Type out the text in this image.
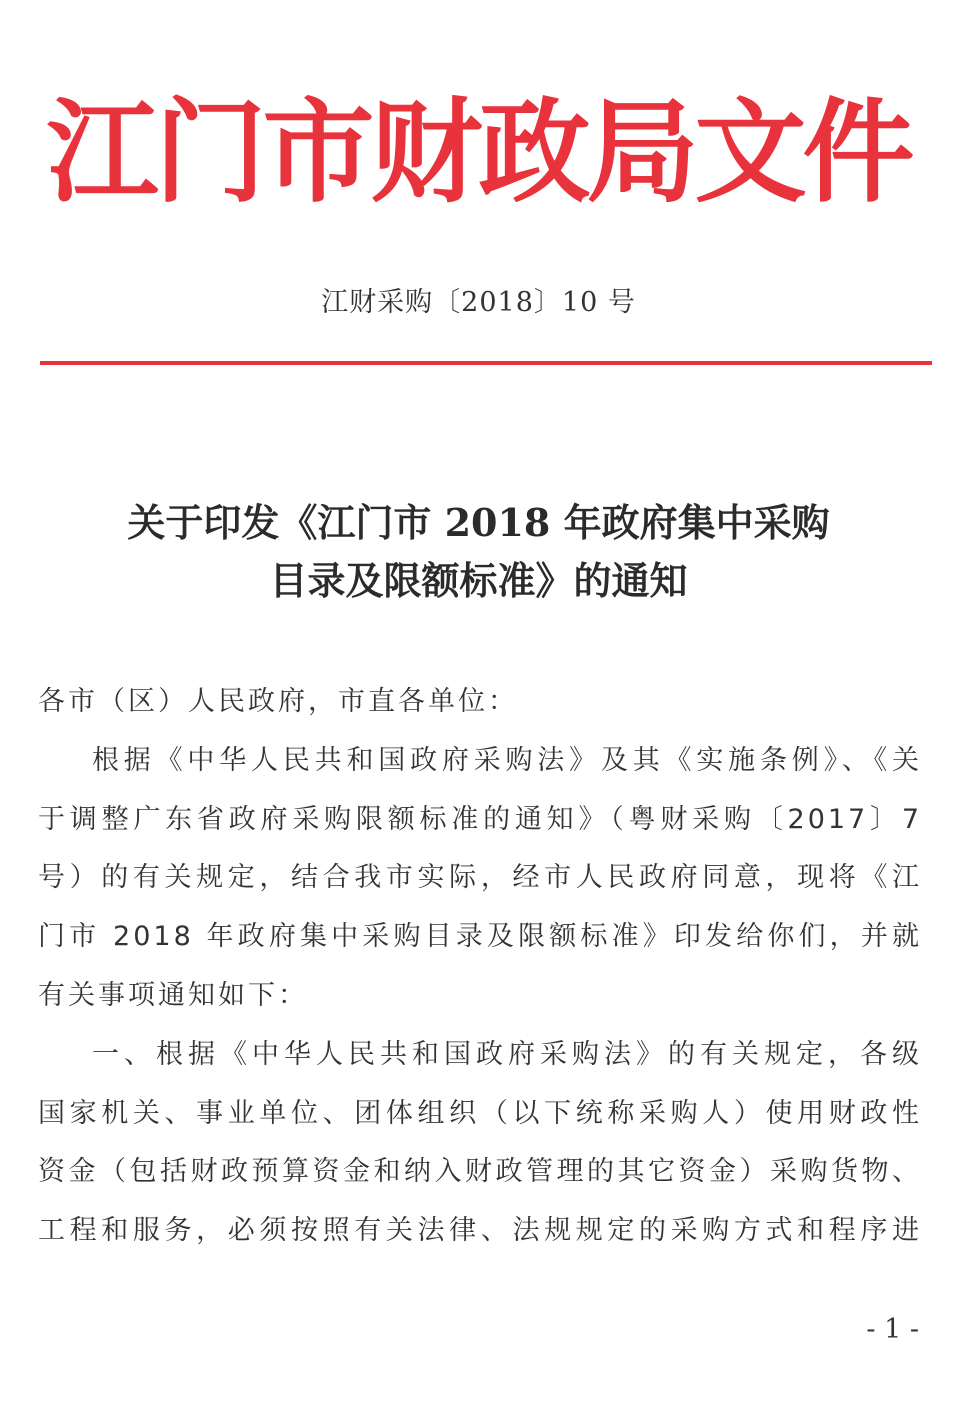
江门市财政局文件
江财采购〔2018〕10 号
关于印发《江门市 2018 年政府集中采购
目录及限额标准》的通知
各市（区）人民政府，市直各单位：
根据《中华人民共和国政府采购法》及其《实施条例》、《关
于调整广东省政府采购限额标准的通知》（粤财采购〔2017〕7
号）的有关规定，结合我市实际，经市人民政府同意，现将《江
门市 2018 年政府集中采购目录及限额标准》印发给你们，并就
有关事项通知如下：
一、根据《中华人民共和国政府采购法》的有关规定，各级
国家机关、事业单位、团体组织（以下统称采购人）使用财政性
资金（包括财政预算资金和纳入财政管理的其它资金）采购货物、
工程和服务，必须按照有关法律、法规规定的采购方式和程序进
- 1 -
